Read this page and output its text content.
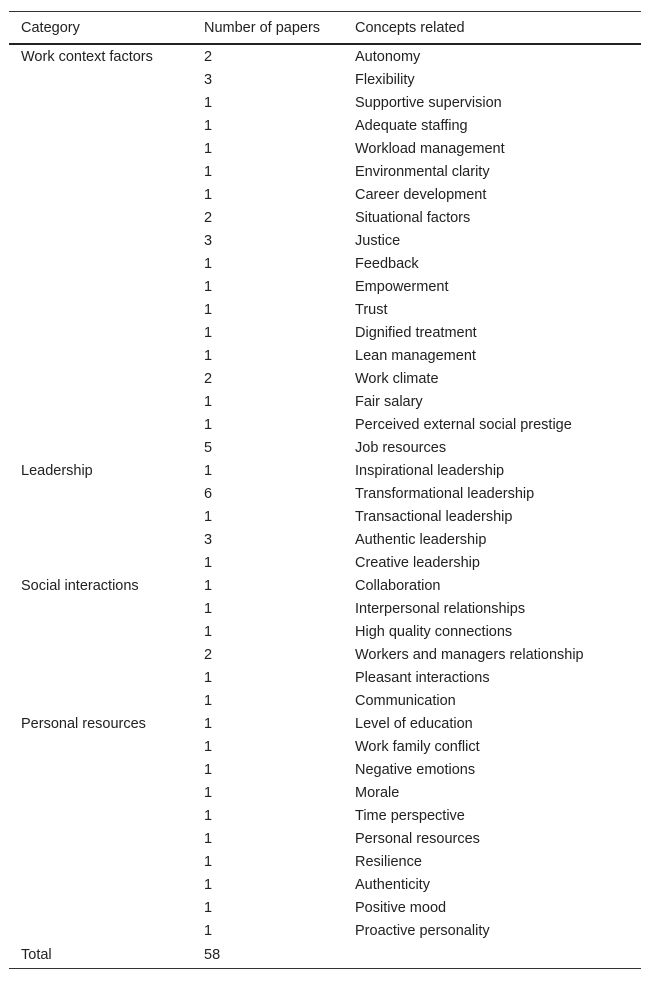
Category	Number of papers	Concepts related
Work context factors	2	Autonomy
	3	Flexibility
	1	Supportive supervision
	1	Adequate staffing
	1	Workload management
	1	Environmental clarity
	1	Career development
	2	Situational factors
	3	Justice
	1	Feedback
	1	Empowerment
	1	Trust
	1	Dignified treatment
	1	Lean management
	2	Work climate
	1	Fair salary
	1	Perceived external social prestige
	5	Job resources
Leadership	1	Inspirational leadership
	6	Transformational leadership
	1	Transactional leadership
	3	Authentic leadership
	1	Creative leadership
Social interactions	1	Collaboration
	1	Interpersonal relationships
	1	High quality connections
	2	Workers and managers relationship
	1	Pleasant interactions
	1	Communication
Personal resources	1	Level of education
	1	Work family conflict
	1	Negative emotions
	1	Morale
	1	Time perspective
	1	Personal resources
	1	Resilience
	1	Authenticity
	1	Positive mood
	1	Proactive personality
Total	58	
